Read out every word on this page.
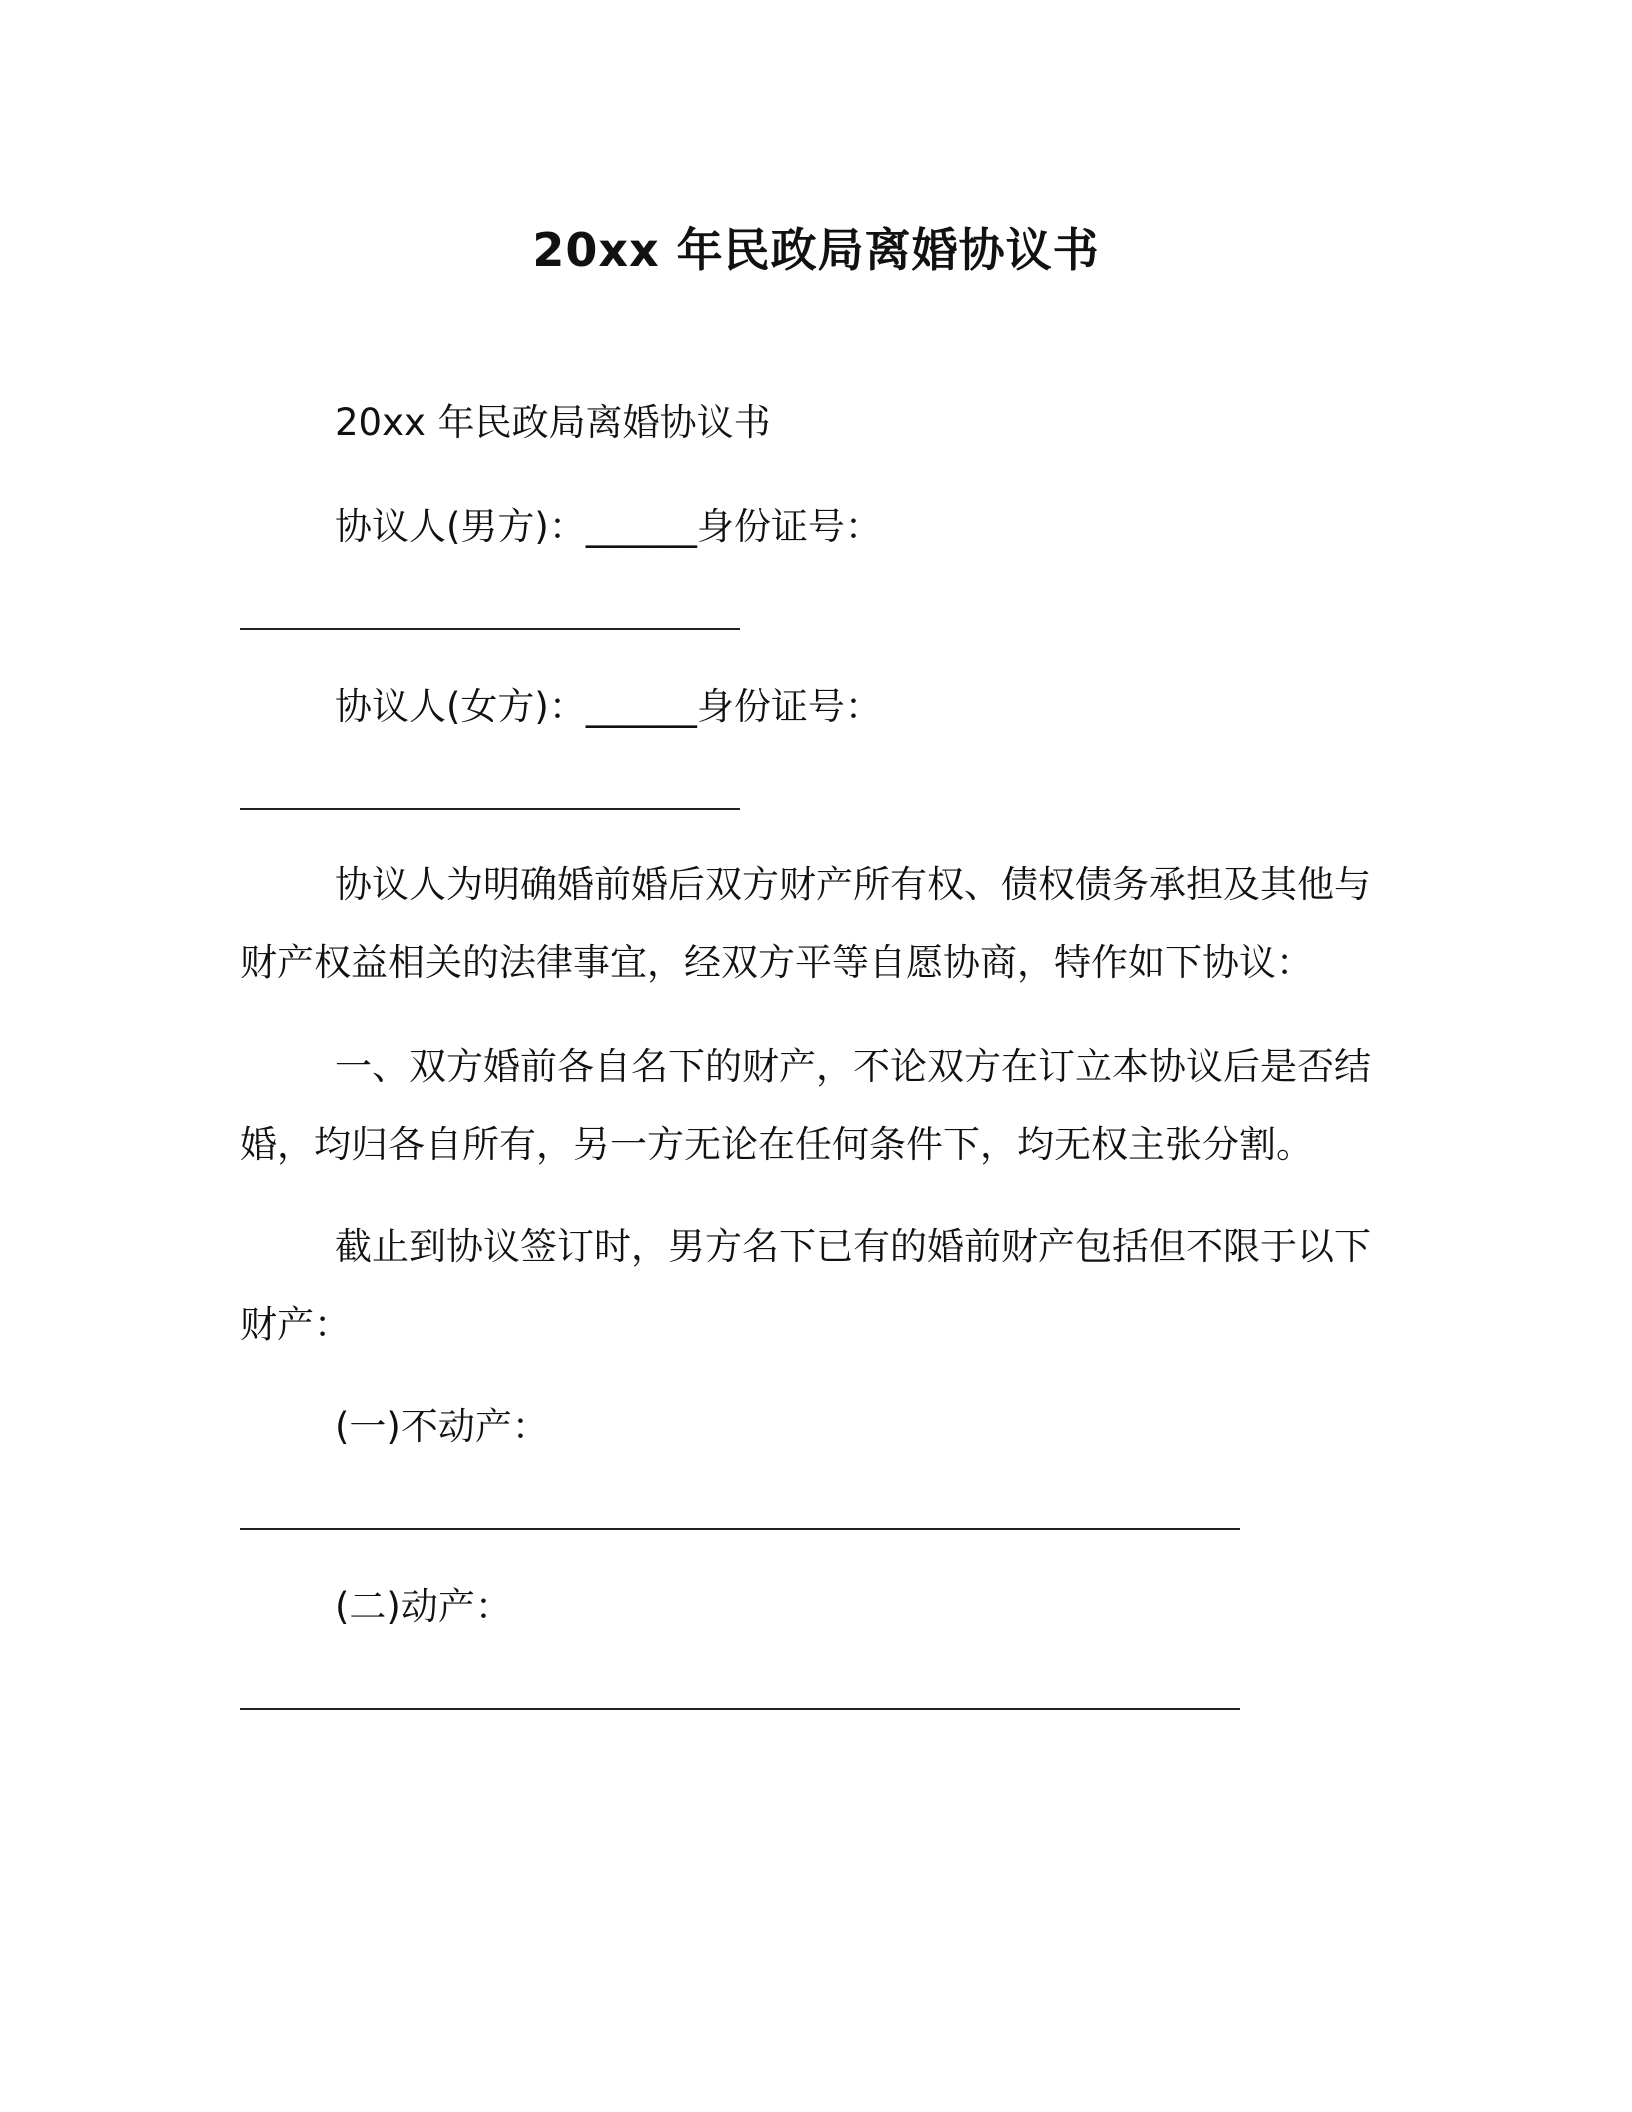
20xx 年民政局离婚协议书
20xx 年民政局离婚协议书
协议人(男方)：______身份证号：
协议人(女方)：______身份证号：
协议人为明确婚前婚后双方财产所有权、债权债务承担及其他与
财产权益相关的法律事宜，经双方平等自愿协商，特作如下协议：
一、双方婚前各自名下的财产，不论双方在订立本协议后是否结
婚，均归各自所有，另一方无论在任何条件下，均无权主张分割。
截止到协议签订时，男方名下已有的婚前财产包括但不限于以下
财产：
(一)不动产：
(二)动产：
